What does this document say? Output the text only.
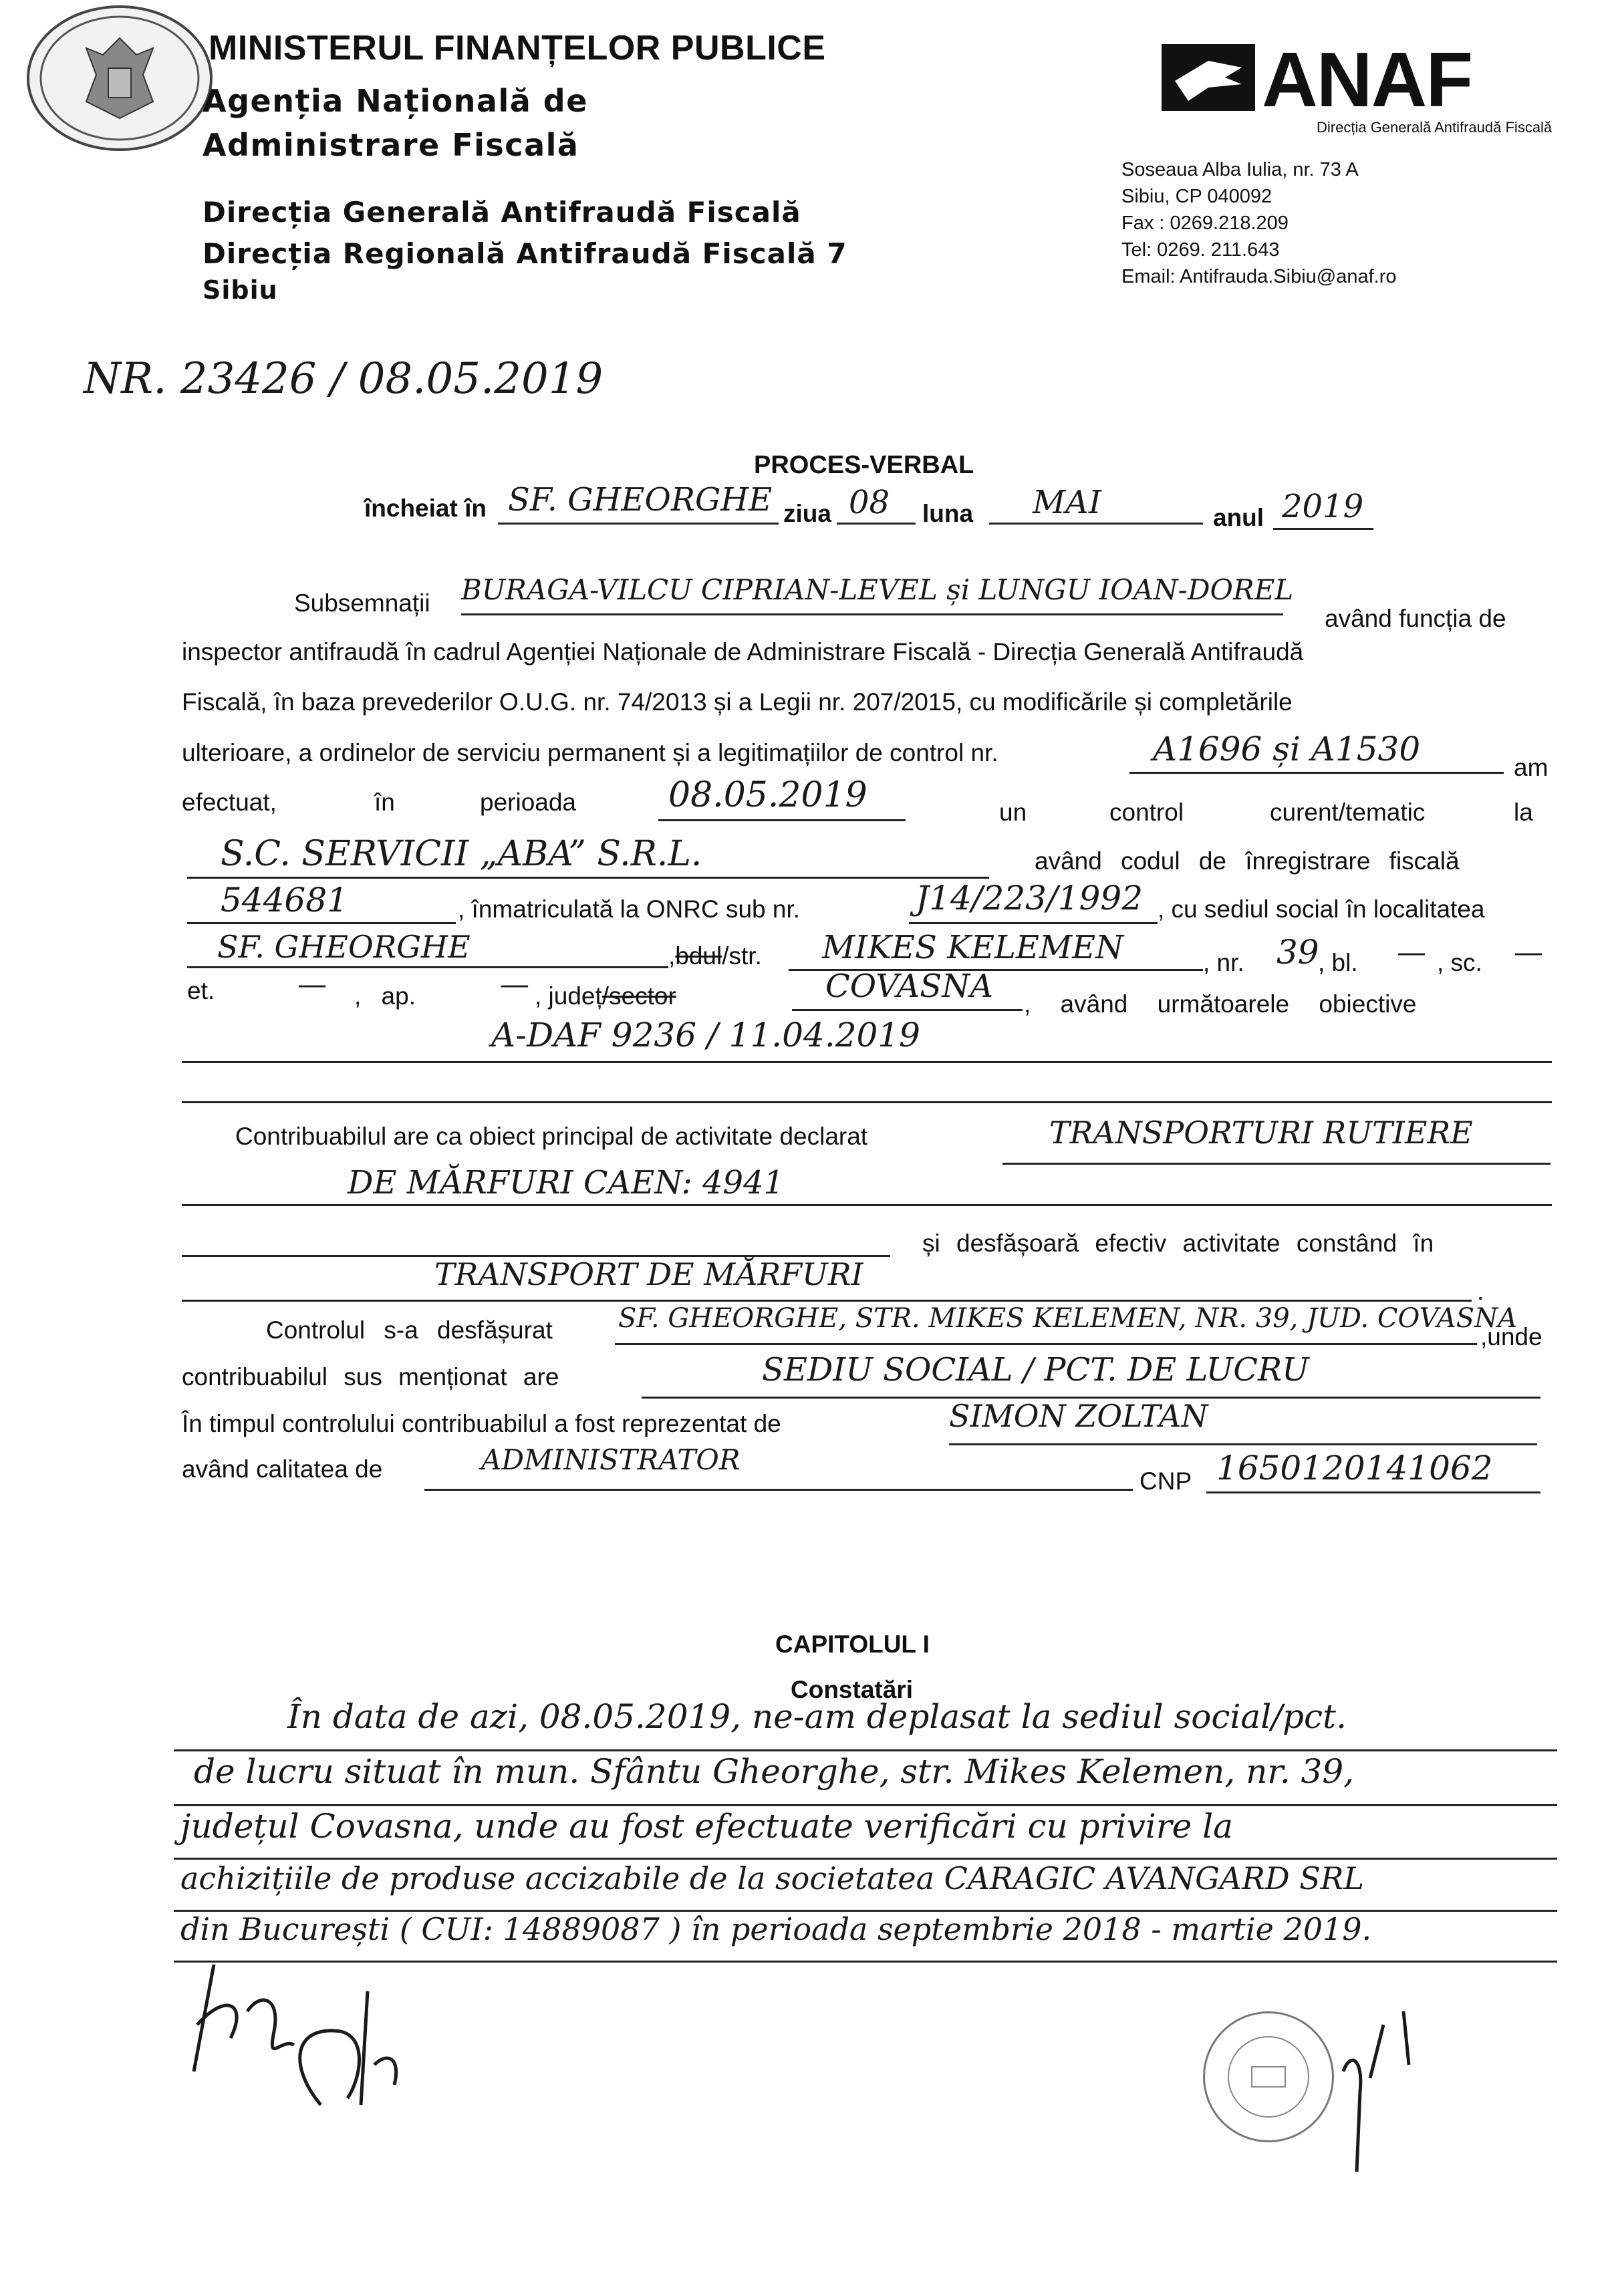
MINISTERUL FINANȚELOR PUBLICE
Agenția Națională de
Administrare Fiscală
Direcția Generală Antifraudă Fiscală
Direcția Regională Antifraudă Fiscală 7
Sibiu
ANAF
Direcția Generală Antifraudă Fiscală
Soseaua Alba Iulia, nr. 73 A
Sibiu, CP 040092
Fax : 0269.218.209
Tel: 0269. 211.643
Email: Antifrauda.Sibiu@anaf.ro
NR. 23426 / 08.05.2019
PROCES-VERBAL
încheiat în SF. GHEORGHE ziua 08 luna MAI	anul 2019
Subsemnații BURAGA-VILCU CIPRIAN-LEVEL și LUNGU IOAN-DOREL
având funcția de
inspector antifraudă în cadrul Agenției Naționale de Administrare Fiscală - Direcția Generală Antifraudă
Fiscală, în baza prevederilor O.U.G. nr. 74/2013 și a Legii nr. 207/2015, cu modificările și completările
ulterioare, a ordinelor de serviciu permanent și a legitimațiilor de control nr.	A1696 și A1530	am
efectuat,	în	perioada	08.05.2019	un	control	curent/tematic	la
S.C. SERVICII „ABA” S.R.L.	având codul de înregistrare fiscală
544681	, înmatriculată la ONRC sub nr.	J14/223/1992 , cu sediul social în localitatea
SF. GHEORGHE	,bdul/str. MIKES KELEMEN	, nr. 39
, bl. — , sc. —
et.	— , ap.	— , județ/sector	COVASNA , având următoarele obiective
A-DAF 9236 / 11.04.2019
Contribuabilul are ca obiect principal de activitate declarat	TRANSPORTURI RUTIERE
DE MĂRFURI CAEN: 4941
și desfășoară efectiv activitate constând în
TRANSPORT DE MĂRFURI	.
Controlul s-a desfășurat SF. GHEORGHE, STR. MIKES KELEMEN, NR. 39, JUD. COVASNA
,unde
contribuabilul sus menționat are	SEDIU SOCIAL / PCT. DE LUCRU
În timpul controlului contribuabilul a fost reprezentat de	SIMON ZOLTAN
având calitatea de	ADMINISTRATOR
CNP 1650120141062
CAPITOLUL I
Constatări
În data de azi, 08.05.2019, ne-am deplasat la sediul social/pct.
de lucru situat în mun. Sfântu Gheorghe, str. Mikes Kelemen, nr. 39,
județul Covasna, unde au fost efectuate verificări cu privire la
achizițiile de produse accizabile de la societatea CARAGIC AVANGARD SRL
din București ( CUI: 14889087 ) în perioada septembrie 2018 - martie 2019.
